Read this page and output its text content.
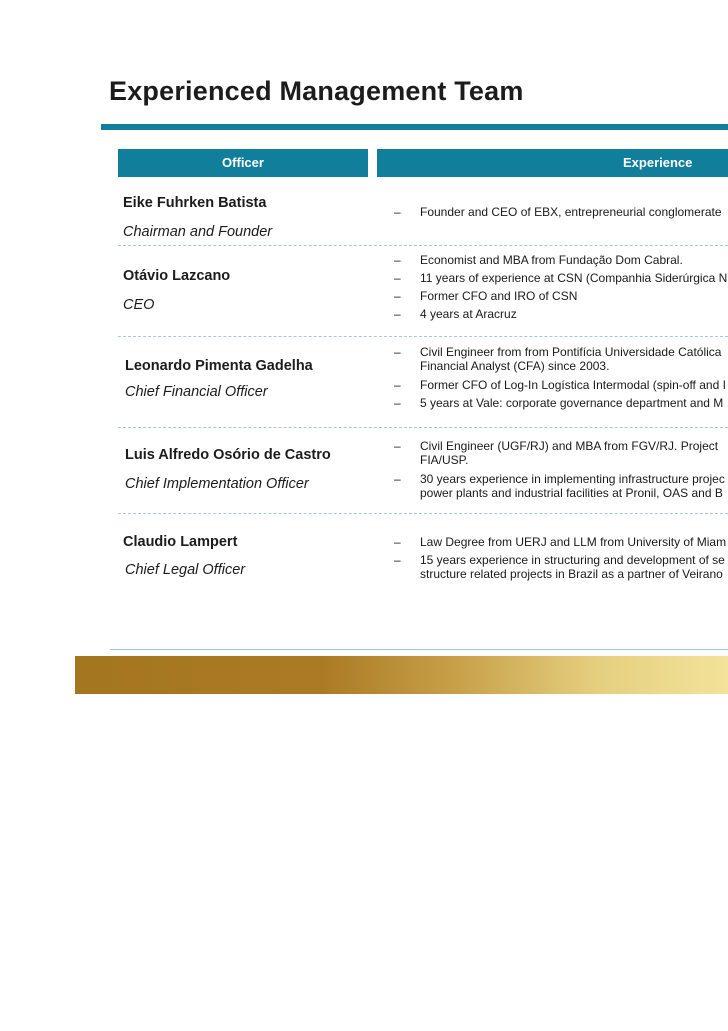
Experienced Management Team
Officer	Experience
Eike Fuhrken Batista
Chairman and Founder
– Founder and CEO of EBX, entrepreneurial conglomerate
Otávio Lazcano
CEO
– Economist and MBA from Fundação Dom Cabral.
– 11 years of experience at CSN (Companhia Siderúrgica N
– Former CFO and IRO of CSN
– 4 years at Aracruz
Leonardo Pimenta Gadelha
Chief Financial Officer
– Civil Engineer from from Pontifícia Universidade Católica
Financial Analyst (CFA) since 2003.
– Former CFO of Log-In Logística Intermodal (spin-off and I
– 5 years at Vale: corporate governance department and M
Luis Alfredo Osório de Castro
Chief Implementation Officer
– Civil Engineer (UGF/RJ) and MBA from FGV/RJ. Project
FIA/USP.
– 30 years experience in implementing infrastructure projec
power plants and industrial facilities at Pronil, OAS and B
Claudio Lampert
Chief Legal Officer
– Law Degree from UERJ and LLM from University of Miam
– 15 years experience in structuring and development of se
structure related projects in Brazil as a partner of Veirano
